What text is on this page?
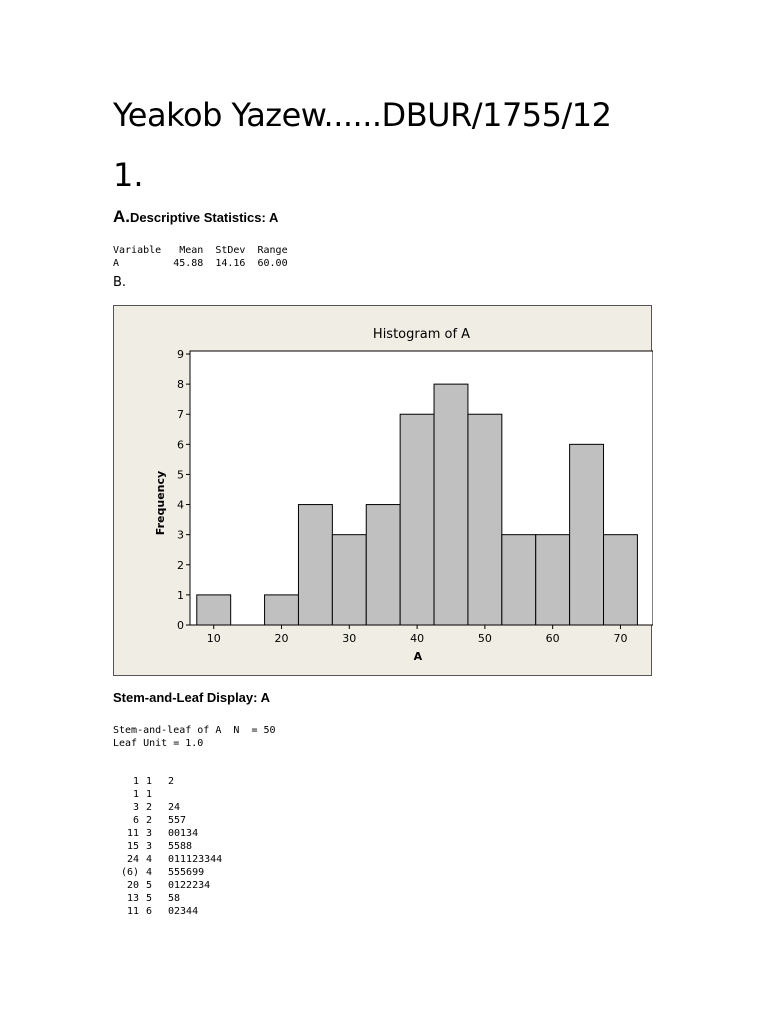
Yeakob Yazew......DBUR/1755/12
1.
A.Descriptive Statistics: A
Variable   Mean  StDev  Range
A         45.88  14.16  60.00
B.
Histogram of A
0
1
2
3
4
5
6
7
8
9
10	20	30	40	50	60	70
A
Frequency
Stem-and-Leaf Display: A
Stem-and-leaf of A  N  = 50
Leaf Unit = 1.0
1 1 2
1 1
3 2 24
6 2 557
11 3 00134
15 3 5588
24 4 011123344
(6) 4 555699
20 5 0122234
13 5 58
11 6 02344
